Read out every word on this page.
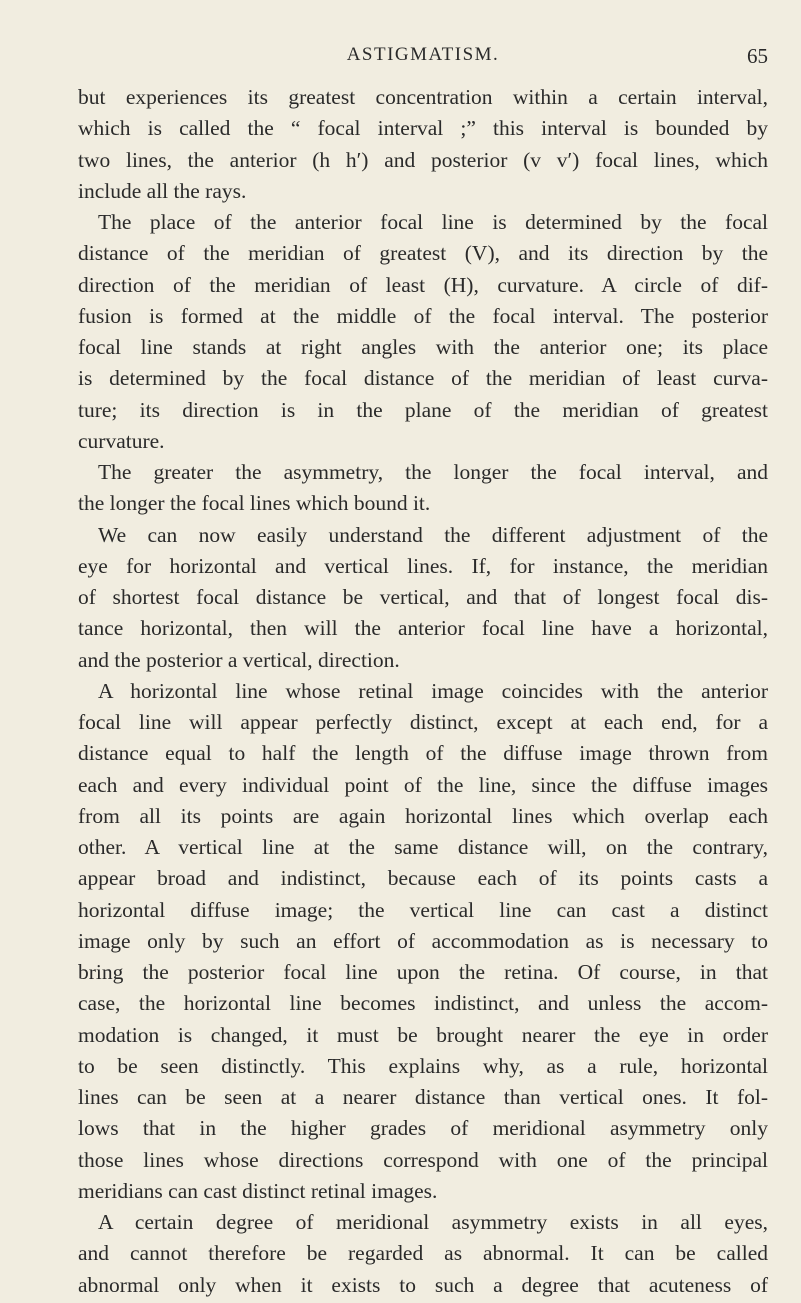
ASTIGMATISM.	65
but experiences its greatest concentration within a certain interval,
which is called the “ focal interval ;” this interval is bounded by
two lines, the anterior (h h′) and posterior (v v′) focal lines, which
include all the rays.
The place of the anterior focal line is determined by the focal
distance of the meridian of greatest (V), and its direction by the
direction of the meridian of least (H), curvature. A circle of dif-
fusion is formed at the middle of the focal interval. The posterior
focal line stands at right angles with the anterior one; its place
is determined by the focal distance of the meridian of least curva-
ture; its direction is in the plane of the meridian of greatest
curvature.
The greater the asymmetry, the longer the focal interval, and
the longer the focal lines which bound it.
We can now easily understand the different adjustment of the
eye for horizontal and vertical lines. If, for instance, the meridian
of shortest focal distance be vertical, and that of longest focal dis-
tance horizontal, then will the anterior focal line have a horizontal,
and the posterior a vertical, direction.
A horizontal line whose retinal image coincides with the anterior
focal line will appear perfectly distinct, except at each end, for a
distance equal to half the length of the diffuse image thrown from
each and every individual point of the line, since the diffuse images
from all its points are again horizontal lines which overlap each
other. A vertical line at the same distance will, on the contrary,
appear broad and indistinct, because each of its points casts a
horizontal diffuse image; the vertical line can cast a distinct
image only by such an effort of accommodation as is necessary to
bring the posterior focal line upon the retina. Of course, in that
case, the horizontal line becomes indistinct, and unless the accom-
modation is changed, it must be brought nearer the eye in order
to be seen distinctly. This explains why, as a rule, horizontal
lines can be seen at a nearer distance than vertical ones. It fol-
lows that in the higher grades of meridional asymmetry only
those lines whose directions correspond with one of the principal
meridians can cast distinct retinal images.
A certain degree of meridional asymmetry exists in all eyes,
and cannot therefore be regarded as abnormal. It can be called
abnormal only when it exists to such a degree that acuteness of
